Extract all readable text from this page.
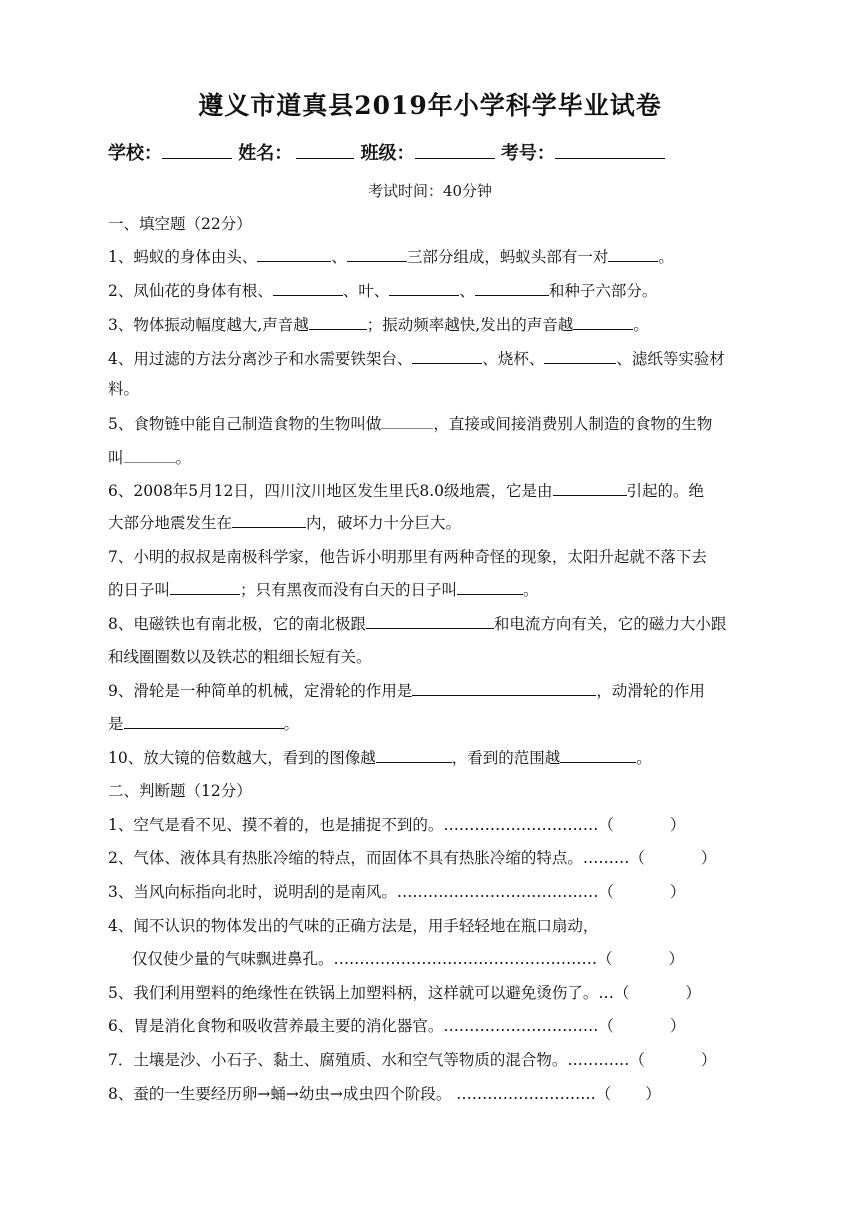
遵义市道真县2019年小学科学毕业试卷
学校：	姓名：	班级：	考号：
考试时间：40分钟
一、填空题（22分）
1、蚂蚁的身体由头、	、	三部分组成，蚂蚁头部有一对	。
2、凤仙花的身体有根、	、叶、	、	和种子六部分。
3、物体振动幅度越大,声音越	；振动频率越快,发出的声音越	。
4、用过滤的方法分离沙子和水需要铁架台、	、烧杯、	、滤纸等实验材
料。
5、食物链中能自己制造食物的生物叫做	，直接或间接消费别人制造的食物的生物
叫	。
6、2008年5月12日，四川汶川地区发生里氏8.0级地震，它是由	引起的。绝
大部分地震发生在	内，破坏力十分巨大。
7、小明的叔叔是南极科学家，他告诉小明那里有两种奇怪的现象，太阳升起就不落下去
的日子叫	；只有黑夜而没有白天的日子叫	。
8、电磁铁也有南北极，它的南北极跟	和电流方向有关，它的磁力大小跟
和线圈圈数以及铁芯的粗细长短有关。
9、滑轮是一种简单的机械，定滑轮的作用是	，动滑轮的作用
是	。
10、放大镜的倍数越大，看到的图像越	，看到的范围越	。
二、判断题（12分）
1、空气是看不见、摸不着的，也是捕捉不到的。…………………………（	）
2、气体、液体具有热胀冷缩的特点，而固体不具有热胀冷缩的特点。………（	）
3、当风向标指向北时，说明刮的是南风。…………………………………（	）
4、闻不认识的物体发出的气味的正确方法是，用手轻轻地在瓶口扇动，
仅仅使少量的气味飘进鼻孔。……………………………………………（	）
5、我们利用塑料的绝缘性在铁锅上加塑料柄，这样就可以避免烫伤了。…（	）
6、胃是消化食物和吸收营养最主要的消化器官。…………………………（	）
7．土壤是沙、小石子、黏土、腐殖质、水和空气等物质的混合物。…………（	）
8、蚕的一生要经历卵→蛹→幼虫→成虫四个阶段。 ………………………（ ）
